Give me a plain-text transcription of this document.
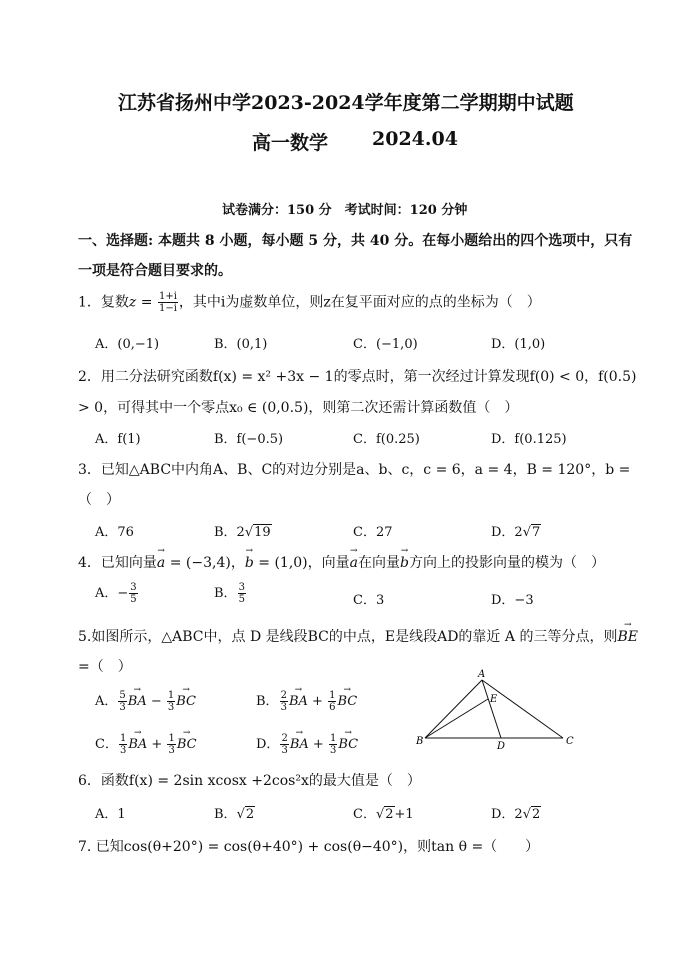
江苏省扬州中学2023-2024学年度第二学期期中试题
高一数学 2024.04
试卷满分：150 分　考试时间：120 分钟
一、选择题: 本题共 8 小题，每小题 5 分，共 40 分。在每小题给出的四个选项中，只有
一项是符合题目要求的。
1．复数$z = \frac{1+i}{1-i}$ ，其中i为虚数单位，则z在复平面对应的点的坐标为（　）
A．(0,−1)	B．(0,1)	C．(−1,0)	D．(1,0)
2．用二分法研究函数f(x) = x² +3x − 1的零点时，第一次经过计算发现f(0) < 0，f(0.5)
> 0，可得其中一个零点x₀ ∈ (0,0.5)，则第二次还需计算函数值（　）
A．f(1)	B．f(−0.5)	C．f(0.25)	D．f(0.125)
3．已知△ABC中内角A、B、C的对边分别是a、b、c，c = 6，a = 4，B = 120°，b =
（　）
A．76	B．2√19	C．27	D．2√7
4．已知向量→ a = (−3,4)，→ b = (1,0)，向量→ a在向量→ b方向上的投影向量的模为（　）
A．− $\frac{3}{5}$	B． $\frac{3}{5}$	C．3	D．−3
5.如图所示，△ABC中，点 D 是线段BC的中点，E是线段AD的靠近 A 的三等分点，则→ BE
=（　）
A． $\frac{5}{3}$ → BA − $\frac{1}{3}$ → BC	B． $\frac{2}{3}$ → BA + $\frac{1}{6}$ → BC
C． $\frac{1}{3}$ → BA + $\frac{1}{3}$ → BC	D． $\frac{2}{3}$ → BA + $\frac{1}{3}$ → BC
A
B	C
D
E
6．函数f(x) = 2sin xcosx +2cos²x的最大值是（　）
A．1	B．√2	C．√2+1	D．2√2
7. 已知cos(θ+20°) = cos(θ+40°) + cos(θ−40°)，则tan θ =（　　）
